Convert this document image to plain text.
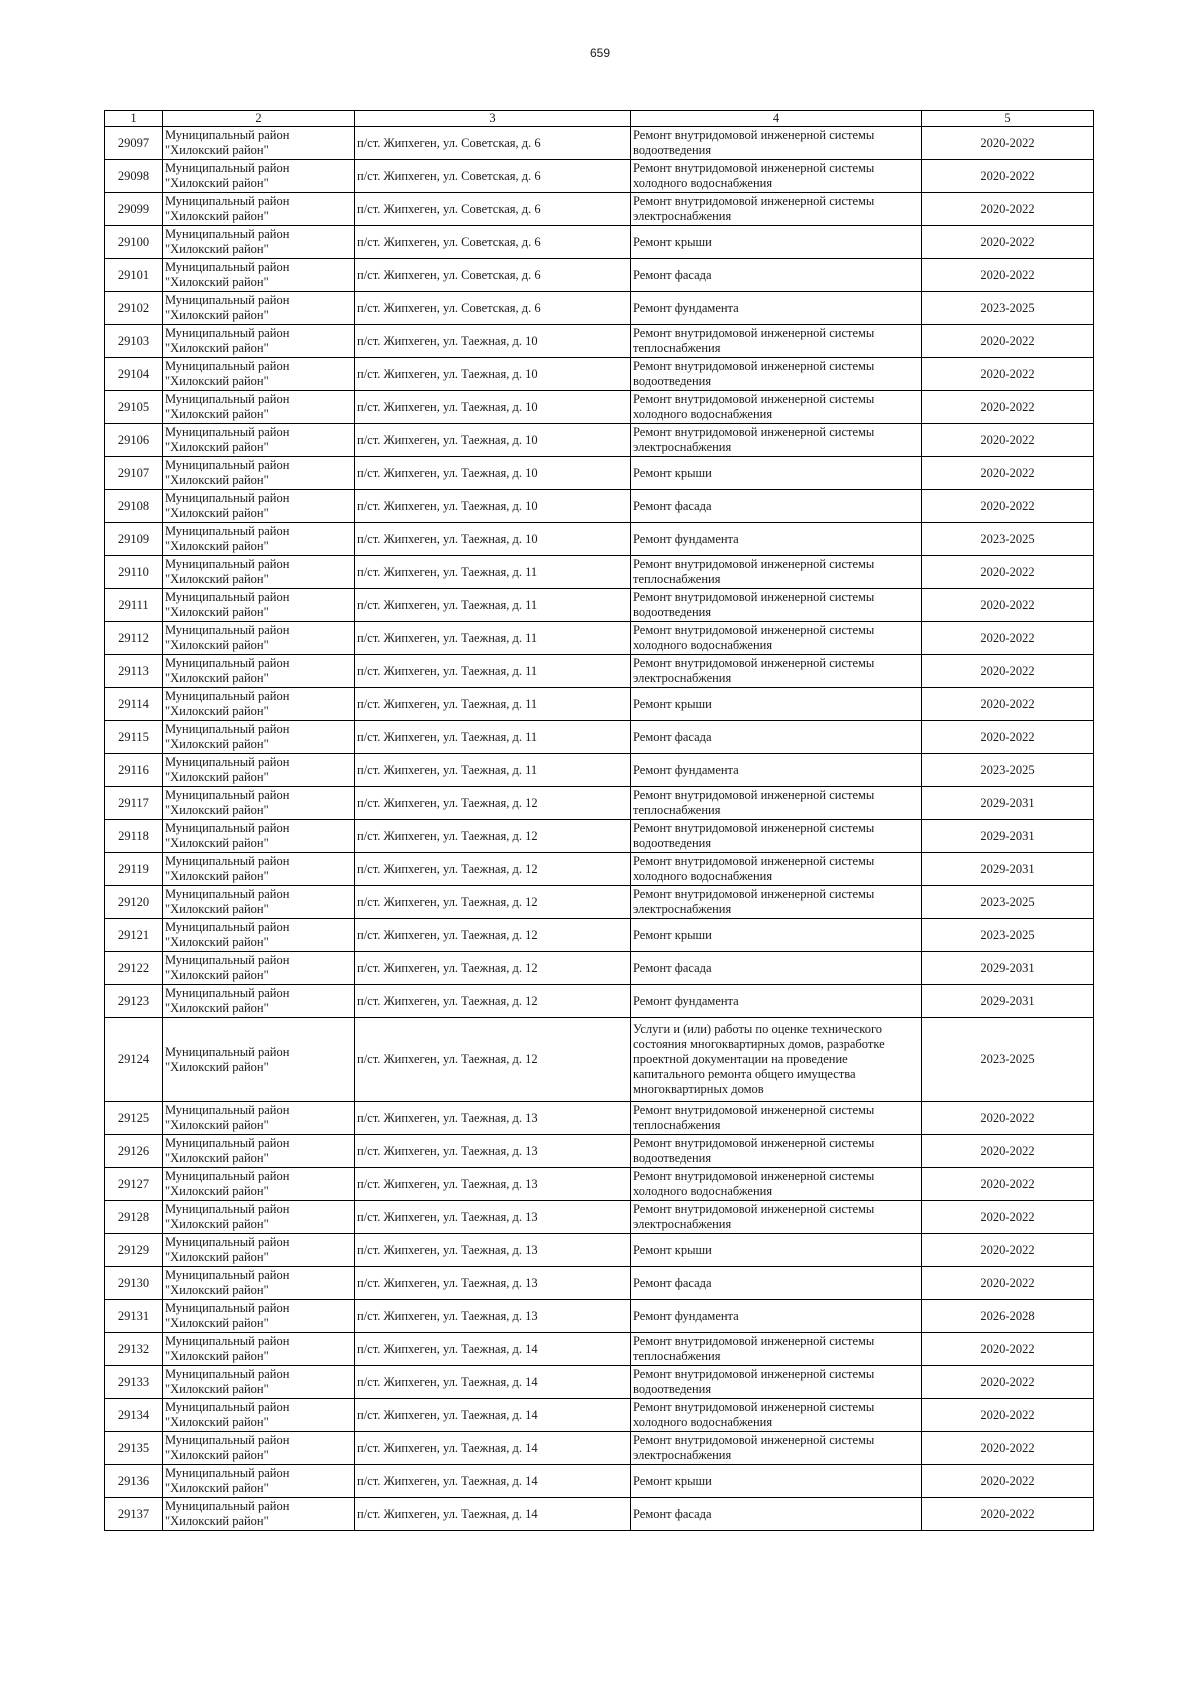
659
1	2	3	4	5
29097	Муниципальный район
"Хилокский район"	п/ст. Жипхеген, ул. Советская, д. 6	Ремонт внутридомовой инженерной системы
водоотведения	2020-2022
29098	Муниципальный район
"Хилокский район"	п/ст. Жипхеген, ул. Советская, д. 6	Ремонт внутридомовой инженерной системы
холодного водоснабжения	2020-2022
29099	Муниципальный район
"Хилокский район"	п/ст. Жипхеген, ул. Советская, д. 6	Ремонт внутридомовой инженерной системы
электроснабжения	2020-2022
29100	Муниципальный район
"Хилокский район"	п/ст. Жипхеген, ул. Советская, д. 6	Ремонт крыши	2020-2022
29101	Муниципальный район
"Хилокский район"	п/ст. Жипхеген, ул. Советская, д. 6	Ремонт фасада	2020-2022
29102	Муниципальный район
"Хилокский район"	п/ст. Жипхеген, ул. Советская, д. 6	Ремонт фундамента	2023-2025
29103	Муниципальный район
"Хилокский район"	п/ст. Жипхеген, ул. Таежная, д. 10	Ремонт внутридомовой инженерной системы
теплоснабжения	2020-2022
29104	Муниципальный район
"Хилокский район"	п/ст. Жипхеген, ул. Таежная, д. 10	Ремонт внутридомовой инженерной системы
водоотведения	2020-2022
29105	Муниципальный район
"Хилокский район"	п/ст. Жипхеген, ул. Таежная, д. 10	Ремонт внутридомовой инженерной системы
холодного водоснабжения	2020-2022
29106	Муниципальный район
"Хилокский район"	п/ст. Жипхеген, ул. Таежная, д. 10	Ремонт внутридомовой инженерной системы
электроснабжения	2020-2022
29107	Муниципальный район
"Хилокский район"	п/ст. Жипхеген, ул. Таежная, д. 10	Ремонт крыши	2020-2022
29108	Муниципальный район
"Хилокский район"	п/ст. Жипхеген, ул. Таежная, д. 10	Ремонт фасада	2020-2022
29109	Муниципальный район
"Хилокский район"	п/ст. Жипхеген, ул. Таежная, д. 10	Ремонт фундамента	2023-2025
29110	Муниципальный район
"Хилокский район"	п/ст. Жипхеген, ул. Таежная, д. 11	Ремонт внутридомовой инженерной системы
теплоснабжения	2020-2022
29111	Муниципальный район
"Хилокский район"	п/ст. Жипхеген, ул. Таежная, д. 11	Ремонт внутридомовой инженерной системы
водоотведения	2020-2022
29112	Муниципальный район
"Хилокский район"	п/ст. Жипхеген, ул. Таежная, д. 11	Ремонт внутридомовой инженерной системы
холодного водоснабжения	2020-2022
29113	Муниципальный район
"Хилокский район"	п/ст. Жипхеген, ул. Таежная, д. 11	Ремонт внутридомовой инженерной системы
электроснабжения	2020-2022
29114	Муниципальный район
"Хилокский район"	п/ст. Жипхеген, ул. Таежная, д. 11	Ремонт крыши	2020-2022
29115	Муниципальный район
"Хилокский район"	п/ст. Жипхеген, ул. Таежная, д. 11	Ремонт фасада	2020-2022
29116	Муниципальный район
"Хилокский район"	п/ст. Жипхеген, ул. Таежная, д. 11	Ремонт фундамента	2023-2025
29117	Муниципальный район
"Хилокский район"	п/ст. Жипхеген, ул. Таежная, д. 12	Ремонт внутридомовой инженерной системы
теплоснабжения	2029-2031
29118	Муниципальный район
"Хилокский район"	п/ст. Жипхеген, ул. Таежная, д. 12	Ремонт внутридомовой инженерной системы
водоотведения	2029-2031
29119	Муниципальный район
"Хилокский район"	п/ст. Жипхеген, ул. Таежная, д. 12	Ремонт внутридомовой инженерной системы
холодного водоснабжения	2029-2031
29120	Муниципальный район
"Хилокский район"	п/ст. Жипхеген, ул. Таежная, д. 12	Ремонт внутридомовой инженерной системы
электроснабжения	2023-2025
29121	Муниципальный район
"Хилокский район"	п/ст. Жипхеген, ул. Таежная, д. 12	Ремонт крыши	2023-2025
29122	Муниципальный район
"Хилокский район"	п/ст. Жипхеген, ул. Таежная, д. 12	Ремонт фасада	2029-2031
29123	Муниципальный район
"Хилокский район"	п/ст. Жипхеген, ул. Таежная, д. 12	Ремонт фундамента	2029-2031
29124	Муниципальный район
"Хилокский район"	п/ст. Жипхеген, ул. Таежная, д. 12	Услуги и (или) работы по оценке технического
состояния многоквартирных домов, разработке
проектной документации на проведение
капитального ремонта общего имущества
многоквартирных домов	2023-2025
29125	Муниципальный район
"Хилокский район"	п/ст. Жипхеген, ул. Таежная, д. 13	Ремонт внутридомовой инженерной системы
теплоснабжения	2020-2022
29126	Муниципальный район
"Хилокский район"	п/ст. Жипхеген, ул. Таежная, д. 13	Ремонт внутридомовой инженерной системы
водоотведения	2020-2022
29127	Муниципальный район
"Хилокский район"	п/ст. Жипхеген, ул. Таежная, д. 13	Ремонт внутридомовой инженерной системы
холодного водоснабжения	2020-2022
29128	Муниципальный район
"Хилокский район"	п/ст. Жипхеген, ул. Таежная, д. 13	Ремонт внутридомовой инженерной системы
электроснабжения	2020-2022
29129	Муниципальный район
"Хилокский район"	п/ст. Жипхеген, ул. Таежная, д. 13	Ремонт крыши	2020-2022
29130	Муниципальный район
"Хилокский район"	п/ст. Жипхеген, ул. Таежная, д. 13	Ремонт фасада	2020-2022
29131	Муниципальный район
"Хилокский район"	п/ст. Жипхеген, ул. Таежная, д. 13	Ремонт фундамента	2026-2028
29132	Муниципальный район
"Хилокский район"	п/ст. Жипхеген, ул. Таежная, д. 14	Ремонт внутридомовой инженерной системы
теплоснабжения	2020-2022
29133	Муниципальный район
"Хилокский район"	п/ст. Жипхеген, ул. Таежная, д. 14	Ремонт внутридомовой инженерной системы
водоотведения	2020-2022
29134	Муниципальный район
"Хилокский район"	п/ст. Жипхеген, ул. Таежная, д. 14	Ремонт внутридомовой инженерной системы
холодного водоснабжения	2020-2022
29135	Муниципальный район
"Хилокский район"	п/ст. Жипхеген, ул. Таежная, д. 14	Ремонт внутридомовой инженерной системы
электроснабжения	2020-2022
29136	Муниципальный район
"Хилокский район"	п/ст. Жипхеген, ул. Таежная, д. 14	Ремонт крыши	2020-2022
29137	Муниципальный район
"Хилокский район"	п/ст. Жипхеген, ул. Таежная, д. 14	Ремонт фасада	2020-2022
